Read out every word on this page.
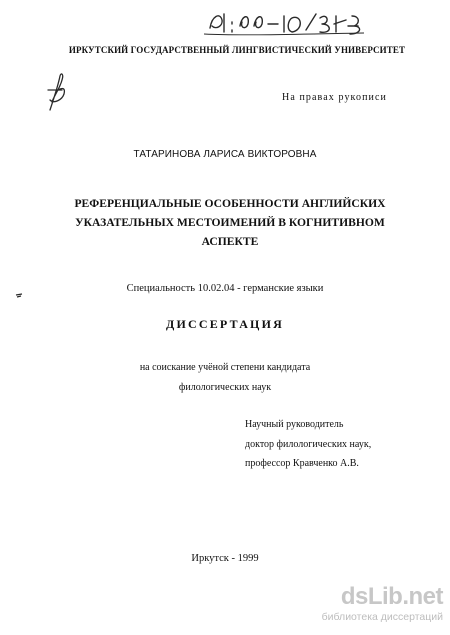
ИРКУТСКИЙ ГОСУДАРСТВЕННЫЙ ЛИНГВИСТИЧЕСКИЙ УНИВЕРСИТЕТ
На правах рукописи
ТАТАРИНОВА ЛАРИСА ВИКТОРОВНА
РЕФЕРЕНЦИАЛЬНЫЕ ОСОБЕННОСТИ АНГЛИЙСКИХ
УКАЗАТЕЛЬНЫХ МЕСТОИМЕНИЙ В КОГНИТИВНОМ
АСПЕКТЕ
Специальность 10.02.04 - германские языки
ДИССЕРТАЦИЯ
на соискание учёной степени кандидата
филологических наук
Научный руководитель
доктор филологических наук,
профессор Кравченко А.В.
Иркутск - 1999
dsLib.net
библиотека диссертаций
